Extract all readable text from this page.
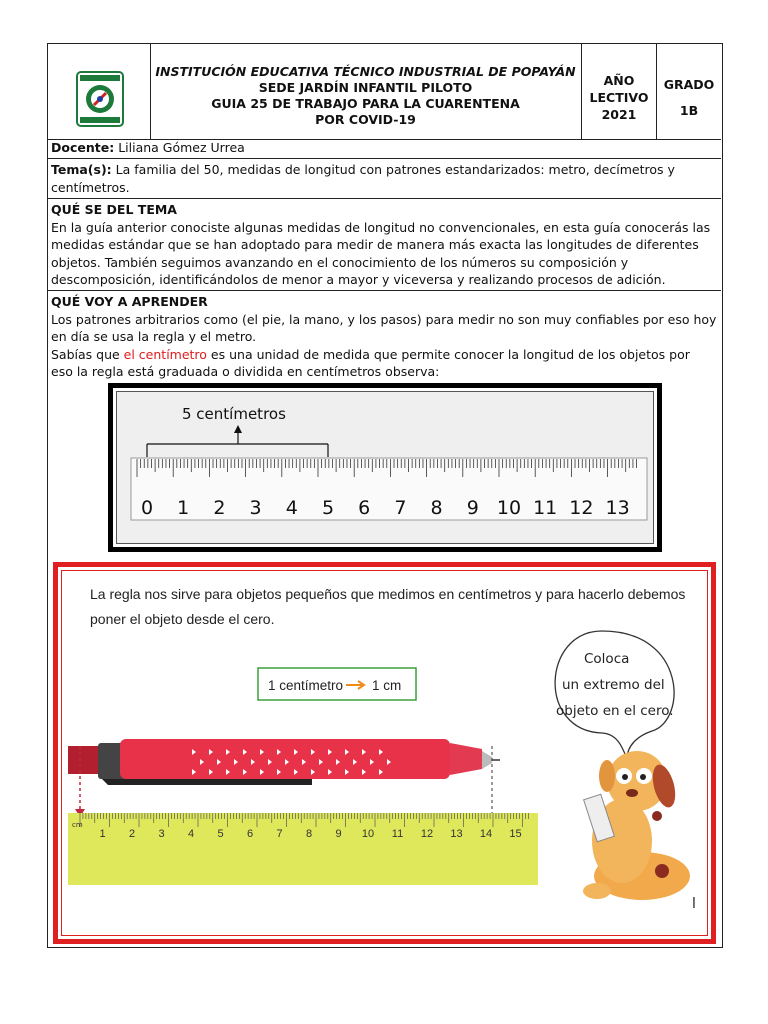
INSTITUCIÓN EDUCATIVA TÉCNICO INDUSTRIAL DE POPAYÁN
SEDE JARDÍN INFANTIL PILOTO
GUIA 25 DE TRABAJO PARA LA CUARENTENA
POR COVID-19
AÑO
LECTIVO
2021
GRADO
1B
Docente: Liliana Gómez Urrea
Tema(s): La familia del 50, medidas de longitud con patrones estandarizados: metro, decímetros y
centímetros.
QUÉ SE DEL TEMA
En la guía anterior conociste algunas medidas de longitud no convencionales, en esta guía conocerás las
medidas estándar que se han adoptado para medir de manera más exacta las longitudes de diferentes
objetos. También seguimos avanzando en el conocimiento de los números su composición y
descomposición, identificándolos de menor a mayor y viceversa y realizando procesos de adición.
QUÉ VOY A APRENDER
Los patrones arbitrarios como (el pie, la mano, y los pasos) para medir no son muy confiables por eso hoy
en día se usa la regla y el metro.
Sabías que el centímetro es una unidad de medida que permite conocer la longitud de los objetos por
eso la regla está graduada o dividida en centímetros observa:
5 centímetros
0 1 2 3 4 5 6 7 8 9 10 11 12 13
La regla nos sirve para objetos pequeños que medimos en centímetros y para hacerlo debemos
poner el objeto desde el cero.
1 centímetro 1 cm
Coloca
un extremo del
objeto en el cero.
cm
1 2 3 4 5 6 7 8 9 10 11 12 13 14 15
l
